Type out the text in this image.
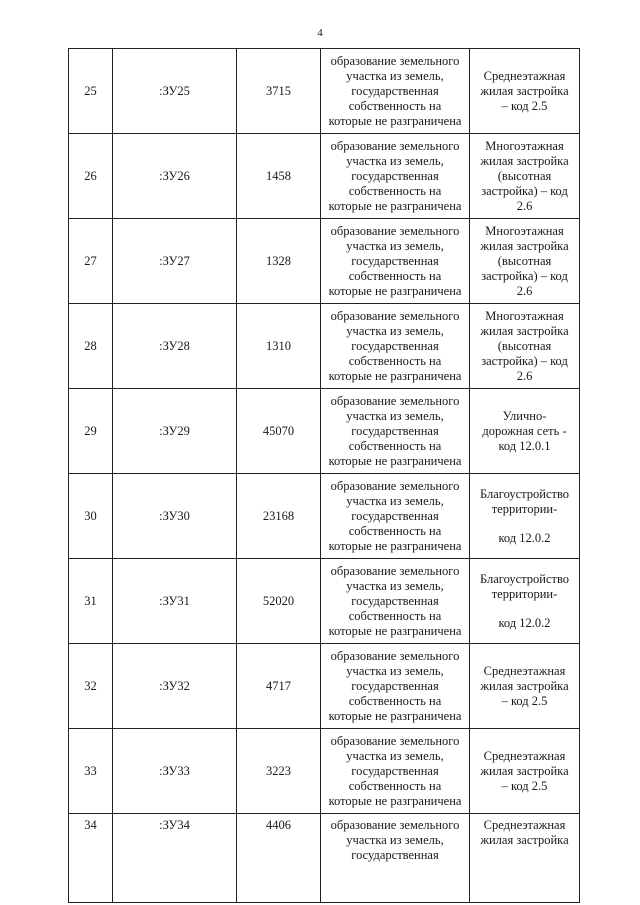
4
25	:ЗУ25	3715	образование земельного
участка из земель,
государственная
собственность на
которые не разграничена	Среднеэтажная
жилая застройка
– код 2.5

26	:ЗУ26	1458	образование земельного
участка из земель,
государственная
собственность на
которые не разграничена	Многоэтажная
жилая застройка
(высотная
застройка) – код
2.6

27	:ЗУ27	1328	образование земельного
участка из земель,
государственная
собственность на
которые не разграничена	Многоэтажная
жилая застройка
(высотная
застройка) – код
2.6

28	:ЗУ28	1310	образование земельного
участка из земель,
государственная
собственность на
которые не разграничена	Многоэтажная
жилая застройка
(высотная
застройка) – код
2.6

29	:ЗУ29	45070	образование земельного
участка из земель,
государственная
собственность на
которые не разграничена	Улично-
дорожная сеть -
код 12.0.1

30	:ЗУ30	23168	образование земельного
участка из земель,
государственная
собственность на
которые не разграничена	Благоустройство
территории-
код 12.0.2

31	:ЗУ31	52020	образование земельного
участка из земель,
государственная
собственность на
которые не разграничена	Благоустройство
территории-
код 12.0.2

32	:ЗУ32	4717	образование земельного
участка из земель,
государственная
собственность на
которые не разграничена	Среднеэтажная
жилая застройка
– код 2.5

33	:ЗУ33	3223	образование земельного
участка из земель,
государственная
собственность на
которые не разграничена	Среднеэтажная
жилая застройка
– код 2.5

34	:ЗУ34	4406	образование земельного
участка из земель,
государственная	Среднеэтажная
жилая застройка
